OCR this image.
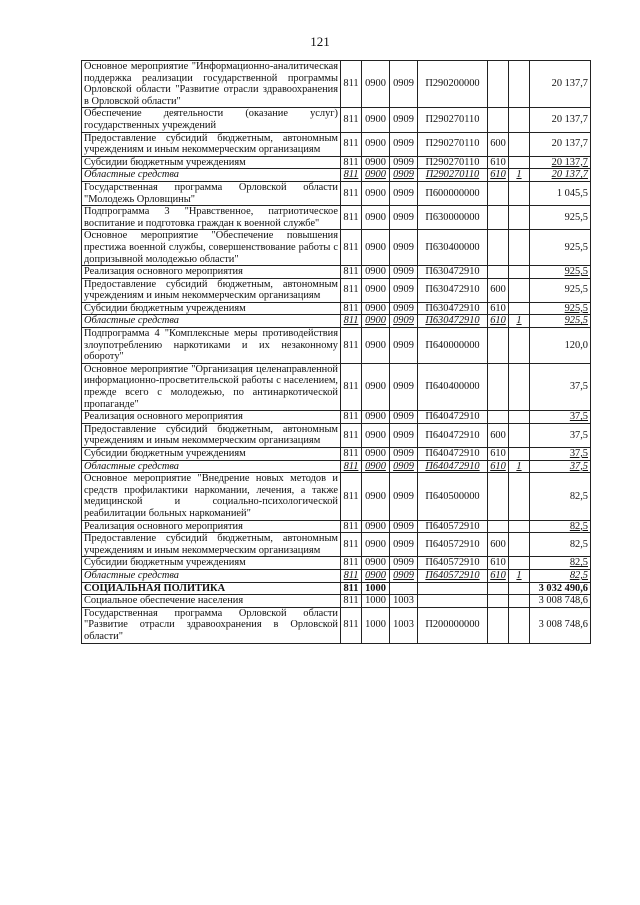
121
Основное мероприятие "Информационно-аналитическая поддержка реализации государственной программы Орловской области "Развитие отрасли здравоохранения в Орловской области"	811	0900	0909	П290200000			20 137,7
Обеспечение деятельности (оказание услуг) государственных учреждений	811	0900	0909	П290270110			20 137,7
Предоставление субсидий бюджетным, автономным учреждениям и иным некоммерческим организациям	811	0900	0909	П290270110	600		20 137,7
Субсидии бюджетным учреждениям	811	0900	0909	П290270110	610		20 137,7
Областные средства	811	0900	0909	П290270110	610	1	20 137,7
Государственная программа Орловской области "Молодежь Орловщины"	811	0900	0909	П600000000			1 045,5
Подпрограмма 3 "Нравственное, патриотическое воспитание и подготовка граждан к военной службе"	811	0900	0909	П630000000			925,5
Основное мероприятие "Обеспечение повышения престижа военной службы, совершенствование работы с допризывной молодежью области"	811	0900	0909	П630400000			925,5
Реализация основного мероприятия	811	0900	0909	П630472910			925,5
Предоставление субсидий бюджетным, автономным учреждениям и иным некоммерческим организациям	811	0900	0909	П630472910	600		925,5
Субсидии бюджетным учреждениям	811	0900	0909	П630472910	610		925,5
Областные средства	811	0900	0909	П630472910	610	1	925,5
Подпрограмма 4 "Комплексные меры противодействия злоупотреблению наркотиками и их незаконному обороту"	811	0900	0909	П640000000			120,0
Основное мероприятие "Организация целенаправленной информационно-просветительской работы с населением, прежде всего с молодежью, по антинаркотической пропаганде"	811	0900	0909	П640400000			37,5
Реализация основного мероприятия	811	0900	0909	П640472910			37,5
Предоставление субсидий бюджетным, автономным учреждениям и иным некоммерческим организациям	811	0900	0909	П640472910	600		37,5
Субсидии бюджетным учреждениям	811	0900	0909	П640472910	610		37,5
Областные средства	811	0900	0909	П640472910	610	1	37,5
Основное мероприятие "Внедрение новых методов и средств профилактики наркомании, лечения, а также медицинской и социально-психологической реабилитации больных наркоманией"	811	0900	0909	П640500000			82,5
Реализация основного мероприятия	811	0900	0909	П640572910			82,5
Предоставление субсидий бюджетным, автономным учреждениям и иным некоммерческим организациям	811	0900	0909	П640572910	600		82,5
Субсидии бюджетным учреждениям	811	0900	0909	П640572910	610		82,5
Областные средства	811	0900	0909	П640572910	610	1	82,5
СОЦИАЛЬНАЯ ПОЛИТИКА	811	1000					3 032 490,6
Социальное обеспечение населения	811	1000	1003				3 008 748,6
Государственная программа Орловской области "Развитие отрасли здравоохранения в Орловской области"	811	1000	1003	П200000000			3 008 748,6
